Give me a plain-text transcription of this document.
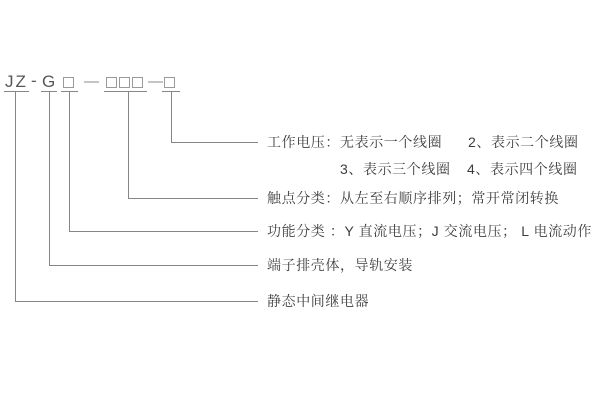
JZ - G —	—
工作电压：无表示一个线圈 2、表示二个线圈
3、表示三个线圈 4、表示四个线圈
触点分类：从左至右顺序排列；常开常闭转换
功能分类 ：Y 直流电压；J 交流电压； L 电流动作
端子排壳体，导轨安装
静态中间继电器
